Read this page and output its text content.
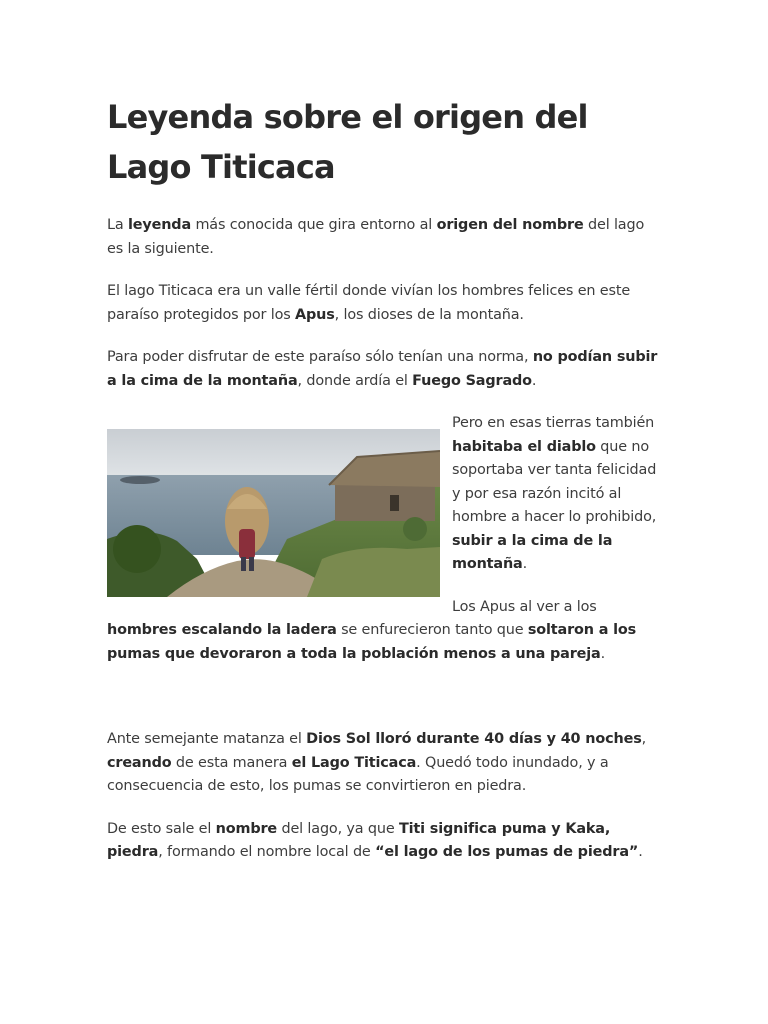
Leyenda sobre el origen del Lago Titicaca

La leyenda más conocida que gira entorno al origen del nombre del lago es la siguiente.

El lago Titicaca era un valle fértil donde vivían los hombres felices en este paraíso protegidos por los Apus, los dioses de la montaña.

Para poder disfrutar de este paraíso sólo tenían una norma, no podían subir a la cima de la montaña, donde ardía el Fuego Sagrado.

Pero en esas tierras también habitaba el diablo que no soportaba ver tanta felicidad y por esa razón incitó al hombre a hacer lo prohibido, subir a la cima de la montaña.

Los Apus al ver a los hombres escalando la ladera se enfurecieron tanto que soltaron a los pumas que devoraron a toda la población menos a una pareja.

Ante semejante matanza el Dios Sol lloró durante 40 días y 40 noches, creando de esta manera el Lago Titicaca. Quedó todo inundado, y a consecuencia de esto, los pumas se convirtieron en piedra.

De esto sale el nombre del lago, ya que Titi significa puma y Kaka, piedra, formando el nombre local de “el lago de los pumas de piedra”.
